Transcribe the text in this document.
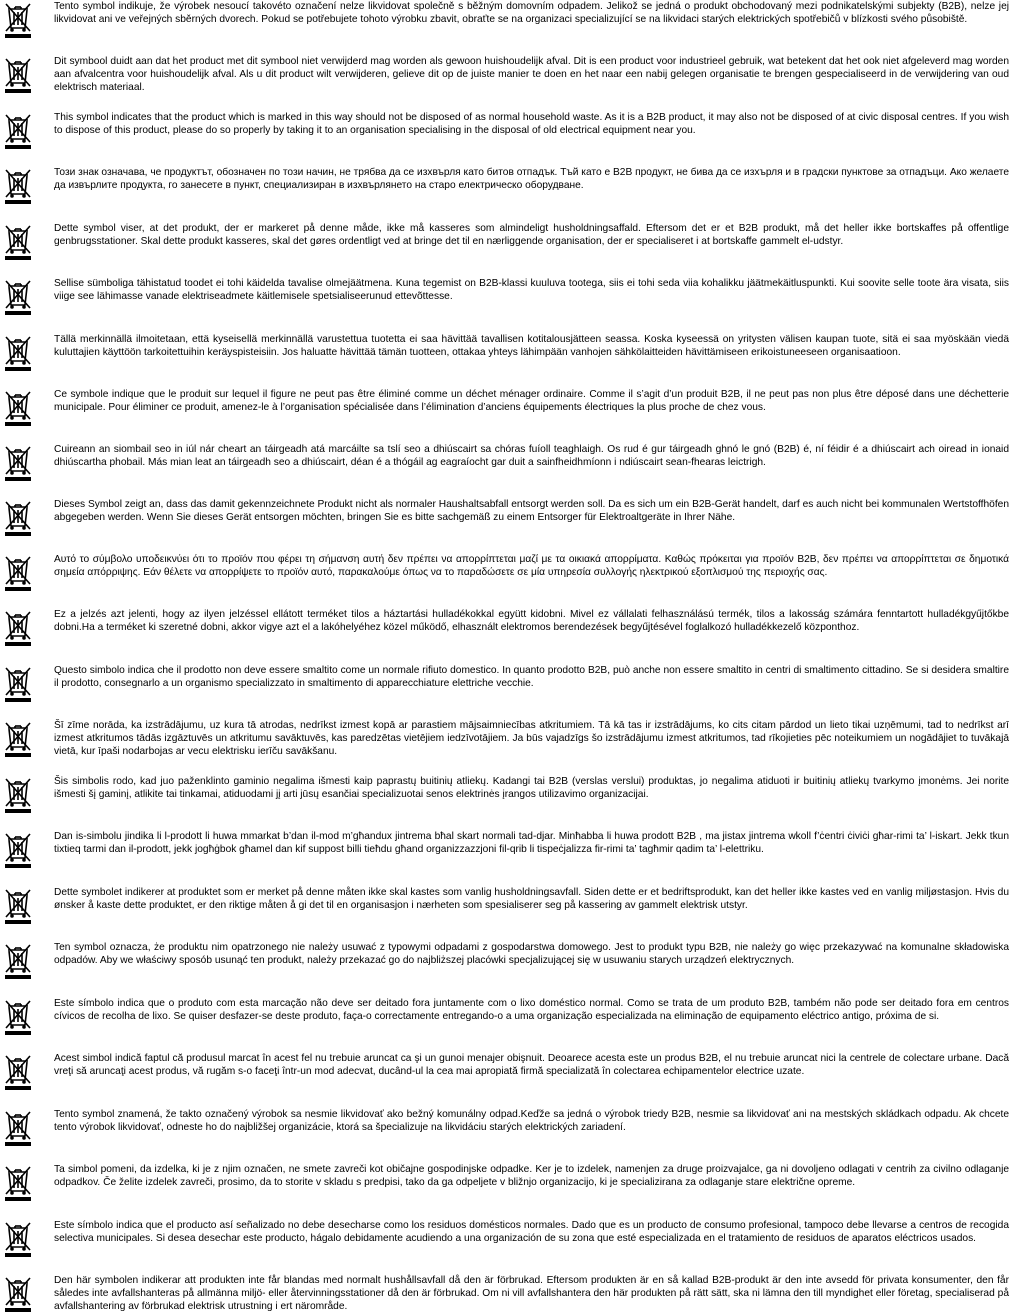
Tento symbol indikuje, že výrobek nesoucí takovéto označení nelze likvidovat společně s běžným domovním odpadem. Jelikož se jedná o produkt obchodovaný mezi podnikatelskými subjekty (B2B), nelze jej likvidovat ani ve veřejných sběrných dvorech. Pokud se potřebujete tohoto výrobku zbavit, obraťte se na organizaci specializující se na likvidaci starých elektrických spotřebičů v blízkosti svého působiště.

Dit symbool duidt aan dat het product met dit symbool niet verwijderd mag worden als gewoon huishoudelijk afval. Dit is een product voor industrieel gebruik, wat betekent dat het ook niet afgeleverd mag worden aan afvalcentra voor huishoudelijk afval. Als u dit product wilt verwijderen, gelieve dit op de juiste manier te doen en het naar een nabij gelegen organisatie te brengen gespecialiseerd in de verwijdering van oud elektrisch materiaal.

This symbol indicates that the product which is marked in this way should not be disposed of as normal household waste. As it is a B2B product, it may also not be disposed of at civic disposal centres. If you wish to dispose of this product, please do so properly by taking it to an organisation specialising in the disposal of old electrical equipment near you.

Този знак означава, че продуктът, обозначен по този начин, не трябва да се изхвърля като битов отпадък. Тъй като е B2B продукт, не бива да се изхърля и в градски пунктове за отпадъци. Ако желаете да извърлите продукта, го занесете в пункт, специализиран в изхвърлянето на старо електрическо оборудване.

Dette symbol viser, at det produkt, der er markeret på denne måde, ikke må kasseres som almindeligt husholdningsaffald. Eftersom det er et B2B produkt, må det heller ikke bortskaffes på offentlige genbrugsstationer. Skal dette produkt kasseres, skal det gøres ordentligt ved at bringe det til en nærliggende organisation, der er specialiseret i at bortskaffe gammelt el-udstyr.

Sellise sümboliga tähistatud toodet ei tohi käidelda tavalise olmejäätmena. Kuna tegemist on B2B-klassi kuuluva tootega, siis ei tohi seda viia kohalikku jäätmekäitluspunkti. Kui soovite selle toote ära visata, siis viige see lähimasse vanade elektriseadmete käitlemisele spetsialiseerunud ettevõttesse.

Tällä merkinnällä ilmoitetaan, että kyseisellä merkinnällä varustettua tuotetta ei saa hävittää tavallisen kotitalousjätteen seassa. Koska kyseessä on yritysten välisen kaupan tuote, sitä ei saa myöskään viedä kuluttajien käyttöön tarkoitettuihin keräyspisteisiin. Jos haluatte hävittää tämän tuotteen, ottakaa yhteys lähimpään vanhojen sähkölaitteiden hävittämiseen erikoistuneeseen organisaatioon.

Ce symbole indique que le produit sur lequel il figure ne peut pas être éliminé comme un déchet ménager ordinaire. Comme il s’agit d’un produit B2B, il ne peut pas non plus être déposé dans une déchetterie municipale. Pour éliminer ce produit, amenez-le à l’organisation spécialisée dans l’élimination d’anciens équipements électriques la plus proche de chez vous.

Cuireann an siombail seo in iúl nár cheart an táirgeadh atá marcáilte sa tslí seo a dhiúscairt sa chóras fuíoll teaghlaigh. Os rud é gur táirgeadh ghnó le gnó (B2B) é, ní féidir é a dhiúscairt ach oiread in ionaid dhiúscartha phobail. Más mian leat an táirgeadh seo a dhiúscairt, déan é a thógáil ag eagraíocht gar duit a sainfheidhmíonn i ndiúscairt sean-fhearas leictrigh.

Dieses Symbol zeigt an, dass das damit gekennzeichnete Produkt nicht als normaler Haushaltsabfall entsorgt werden soll. Da es sich um ein B2B-Gerät handelt, darf es auch nicht bei kommunalen Wertstoffhöfen abgegeben werden. Wenn Sie dieses Gerät entsorgen möchten, bringen Sie es bitte sachgemäß zu einem Entsorger für Elektroaltgeräte in Ihrer Nähe.

Αυτό το σύμβολο υποδεικνύει ότι το προϊόν που φέρει τη σήμανση αυτή δεν πρέπει να απορρίπτεται μαζί με τα οικιακά απορρίματα. Καθώς πρόκειται για προϊόν B2B, δεν πρέπει να απορρίπτεται σε δημοτικά σημεία απόρριψης. Εάν θέλετε να απορρίψετε το προϊόν αυτό, παρακαλούμε όπως να το παραδώσετε σε μία υπηρεσία συλλογής ηλεκτρικού εξοπλισμού της περιοχής σας.

Ez a jelzés azt jelenti, hogy az ilyen jelzéssel ellátott terméket tilos a háztartási hulladékokkal együtt kidobni. Mivel ez vállalati felhasználású termék, tilos a lakosság számára fenntartott hulladékgyűjtőkbe dobni.Ha a terméket ki szeretné dobni, akkor vigye azt el a lakóhelyéhez közel működő, elhasznált elektromos berendezések begyűjtésével foglalkozó hulladékkezelő központhoz.

Questo simbolo indica che il prodotto non deve essere smaltito come un normale rifiuto domestico. In quanto prodotto B2B, può anche non essere smaltito in centri di smaltimento cittadino. Se si desidera smaltire il prodotto, consegnarlo a un organismo specializzato in smaltimento di apparecchiature elettriche vecchie.

Šī zīme norāda, ka izstrādājumu, uz kura tā atrodas, nedrīkst izmest kopā ar parastiem mājsaimniecības atkritumiem. Tā kā tas ir izstrādājums, ko cits citam pārdod un lieto tikai uzņēmumi, tad to nedrīkst arī izmest atkritumos tādās izgāztuvēs un atkritumu savāktuvēs, kas paredzētas vietējiem iedzīvotājiem. Ja būs vajadzīgs šo izstrādājumu izmest atkritumos, tad rīkojieties pēc noteikumiem un nogādājiet to tuvākajā vietā, kur īpaši nodarbojas ar vecu elektrisku ierīču savākšanu.

Šis simbolis rodo, kad juo paženklinto gaminio negalima išmesti kaip paprastų buitinių atliekų. Kadangi tai B2B (verslas verslui) produktas, jo negalima atiduoti ir buitinių atliekų tvarkymo įmonėms. Jei norite išmesti šį gaminį, atlikite tai tinkamai, atiduodami jį arti jūsų esančiai specializuotai senos elektrinės įrangos utilizavimo organizacijai.

Dan is-simbolu jindika li l-prodott li huwa mmarkat b’dan il-mod m’għandux jintrema bħal skart normali tad-djar. Minħabba li huwa prodott B2B , ma jistax jintrema wkoll f’ċentri ċiviċi għar-rimi ta’ l-iskart. Jekk tkun tixtieq tarmi dan il-prodott, jekk jogħġbok għamel dan kif suppost billi tieħdu għand organizzazzjoni fil-qrib li tispeċjalizza fir-rimi ta’ tagħmir qadim ta’ l-elettriku.

Dette symbolet indikerer at produktet som er merket på denne måten ikke skal kastes som vanlig husholdningsavfall. Siden dette er et bedriftsprodukt, kan det heller ikke kastes ved en vanlig miljøstasjon. Hvis du ønsker å kaste dette produktet, er den riktige måten å gi det til en organisasjon i nærheten som spesialiserer seg på kassering av gammelt elektrisk utstyr.

Ten symbol oznacza, że produktu nim opatrzonego nie należy usuwać z typowymi odpadami z gospodarstwa domowego. Jest to produkt typu B2B, nie należy go więc przekazywać na komunalne składowiska odpadów. Aby we właściwy sposób usunąć ten produkt, należy przekazać go do najbliższej placówki specjalizującej się w usuwaniu starych urządzeń elektrycznych.

Este símbolo indica que o produto com esta marcação não deve ser deitado fora juntamente com o lixo doméstico normal. Como se trata de um produto B2B, também não pode ser deitado fora em centros cívicos de recolha de lixo. Se quiser desfazer-se deste produto, faça-o correctamente entregando-o a uma organização especializada na eliminação de equipamento eléctrico antigo, próxima de si.

Acest simbol indică faptul că produsul marcat în acest fel nu trebuie aruncat ca şi un gunoi menajer obişnuit. Deoarece acesta este un produs B2B, el nu trebuie aruncat nici la centrele de colectare urbane. Dacă vreţi să aruncaţi acest produs, vă rugăm s-o faceţi într-un mod adecvat, ducând-ul la cea mai apropiată firmă specializată în colectarea echipamentelor electrice uzate.

Tento symbol znamená, že takto označený výrobok sa nesmie likvidovať ako bežný komunálny odpad.Keďže sa jedná o výrobok triedy B2B, nesmie sa likvidovať ani na mestských skládkach odpadu. Ak chcete tento výrobok likvidovať, odneste ho do najbližšej organizácie, ktorá sa špecializuje na likvidáciu starých elektrických zariadení.

Ta simbol pomeni, da izdelka, ki je z njim označen, ne smete zavreči kot običajne gospodinjske odpadke. Ker je to izdelek, namenjen za druge proizvajalce, ga ni dovoljeno odlagati v centrih za civilno odlaganje odpadkov. Če želite izdelek zavreči, prosimo, da to storite v skladu s predpisi, tako da ga odpeljete v bližnjo organizacijo, ki je specializirana za odlaganje stare električne opreme.

Este símbolo indica que el producto así señalizado no debe desecharse como los residuos domésticos normales. Dado que es un producto de consumo profesional, tampoco debe llevarse a centros de recogida selectiva municipales. Si desea desechar este producto, hágalo debidamente acudiendo a una organización de su zona que esté especializada en el tratamiento de residuos de aparatos eléctricos usados.

Den här symbolen indikerar att produkten inte får blandas med normalt hushållsavfall då den är förbrukad. Eftersom produkten är en så kallad B2B-produkt är den inte avsedd för privata konsumenter, den får således inte avfallshanteras på allmänna miljö- eller återvinningsstationer då den är förbrukad. Om ni vill avfallshantera den här produkten på rätt sätt, ska ni lämna den till myndighet eller företag, specialiserad på avfallshantering av förbrukad elektrisk utrustning i ert närområde.
